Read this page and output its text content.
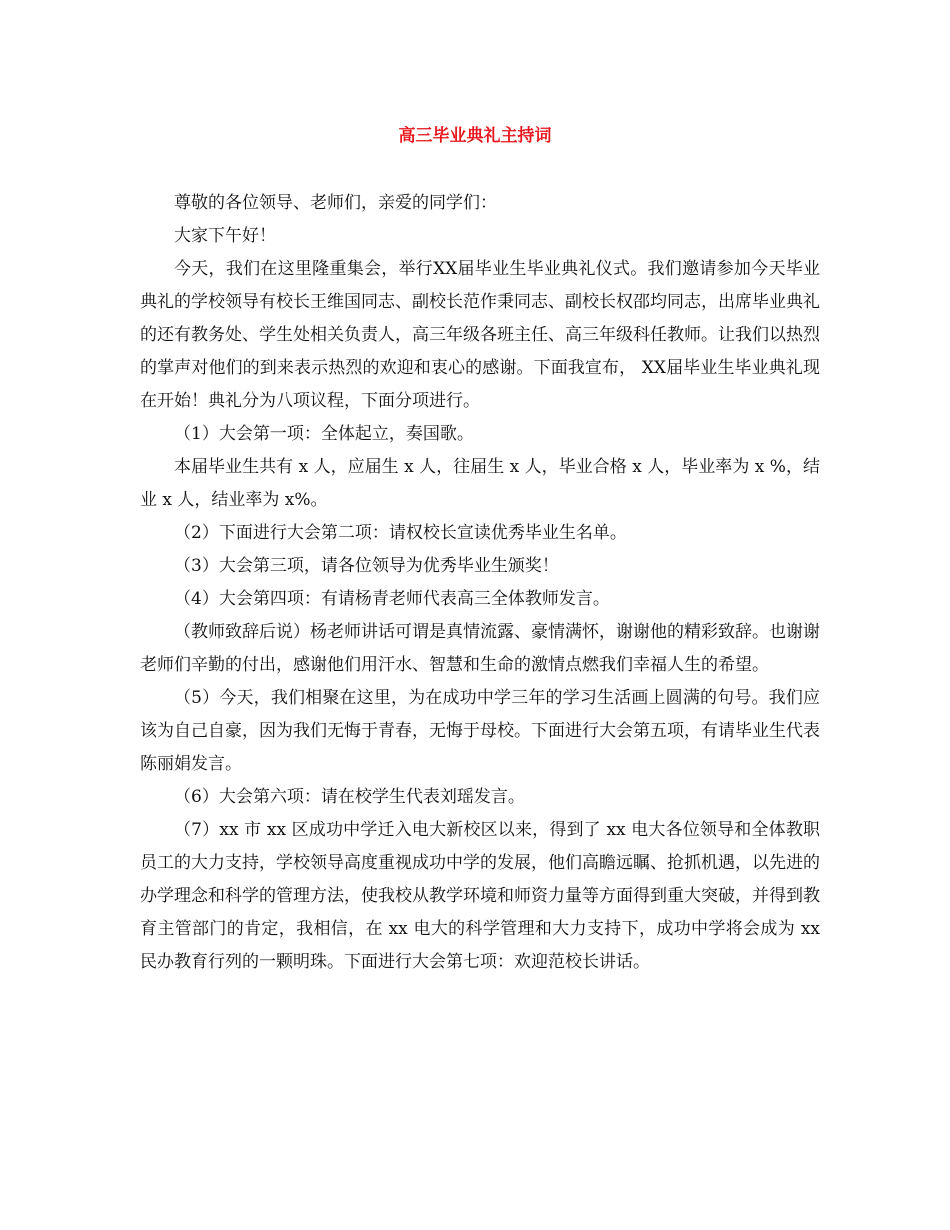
高三毕业典礼主持词

尊敬的各位领导、老师们，亲爱的同学们：

大家下午好！

今天，我们在这里隆重集会，举行XX届毕业生毕业典礼仪式。我们邀请参加今天毕业典礼的学校领导有校长王维国同志、副校长范作秉同志、副校长权邵均同志，出席毕业典礼的还有教务处、学生处相关负责人，高三年级各班主任、高三年级科任教师。让我们以热烈的掌声对他们的到来表示热烈的欢迎和衷心的感谢。下面我宣布， XX届毕业生毕业典礼现在开始！典礼分为八项议程，下面分项进行。

（1）大会第一项：全体起立，奏国歌。

本届毕业生共有 x 人，应届生 x 人，往届生 x 人，毕业合格 x 人，毕业率为 x %，结业 x 人，结业率为 x%。

（2）下面进行大会第二项：请权校长宣读优秀毕业生名单。

（3）大会第三项，请各位领导为优秀毕业生颁奖！

（4）大会第四项：有请杨青老师代表高三全体教师发言。

（教师致辞后说）杨老师讲话可谓是真情流露、豪情满怀，谢谢他的精彩致辞。也谢谢老师们辛勤的付出，感谢他们用汗水、智慧和生命的激情点燃我们幸福人生的希望。

（5）今天，我们相聚在这里，为在成功中学三年的学习生活画上圆满的句号。我们应该为自己自豪，因为我们无悔于青春，无悔于母校。下面进行大会第五项，有请毕业生代表陈丽娟发言。

（6）大会第六项：请在校学生代表刘瑶发言。

（7）xx 市 xx 区成功中学迁入电大新校区以来，得到了 xx 电大各位领导和全体教职员工的大力支持，学校领导高度重视成功中学的发展，他们高瞻远瞩、抢抓机遇，以先进的办学理念和科学的管理方法，使我校从教学环境和师资力量等方面得到重大突破，并得到教育主管部门的肯定，我相信，在 xx 电大的科学管理和大力支持下，成功中学将会成为 xx 民办教育行列的一颗明珠。下面进行大会第七项：欢迎范校长讲话。
